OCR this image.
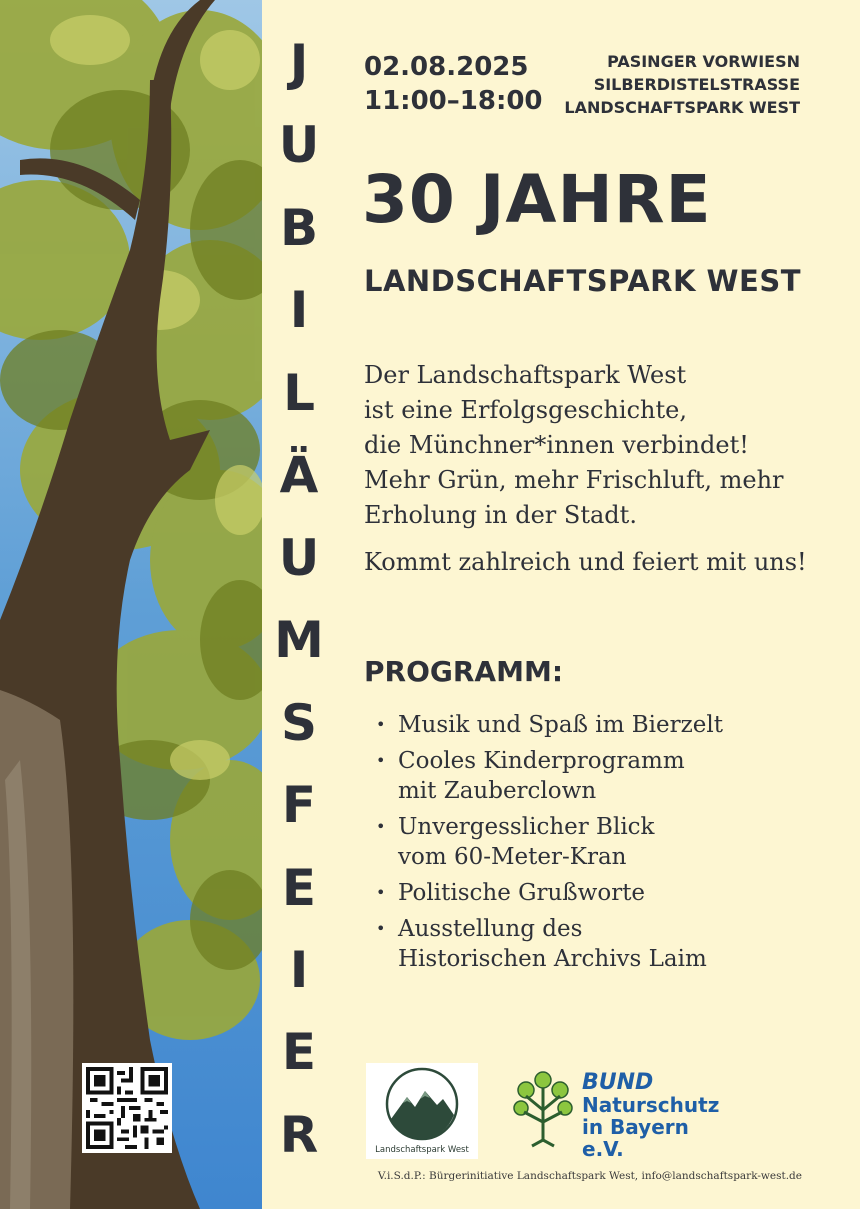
J
U
B
I
L
Ä
U
M
S
F
E
I
E
R
02.08.2025
11:00–18:00
PASINGER VORWIESN
SILBERDISTELSTRASSE
LANDSCHAFTSPARK WEST
30 JAHRE
LANDSCHAFTSPARK WEST

Der Landschaftspark West
ist eine Erfolgsgeschichte,
die Münchner*innen verbindet!
Mehr Grün, mehr Frischluft, mehr
Erholung in der Stadt.

Kommt zahlreich und feiert mit uns!

PROGRAMM:
• Musik und Spaß im Bierzelt
• Cooles Kinderprogramm
mit Zauberclown
• Unvergesslicher Blick
vom 60-Meter-Kran
• Politische Grußworte
• Ausstellung des
Historischen Archivs Laim
Landschaftspark West
BUND
Naturschutz
in Bayern e.V.
V.i.S.d.P.: Bürgerinitiative Landschaftspark West, info@landschaftspark-west.de
